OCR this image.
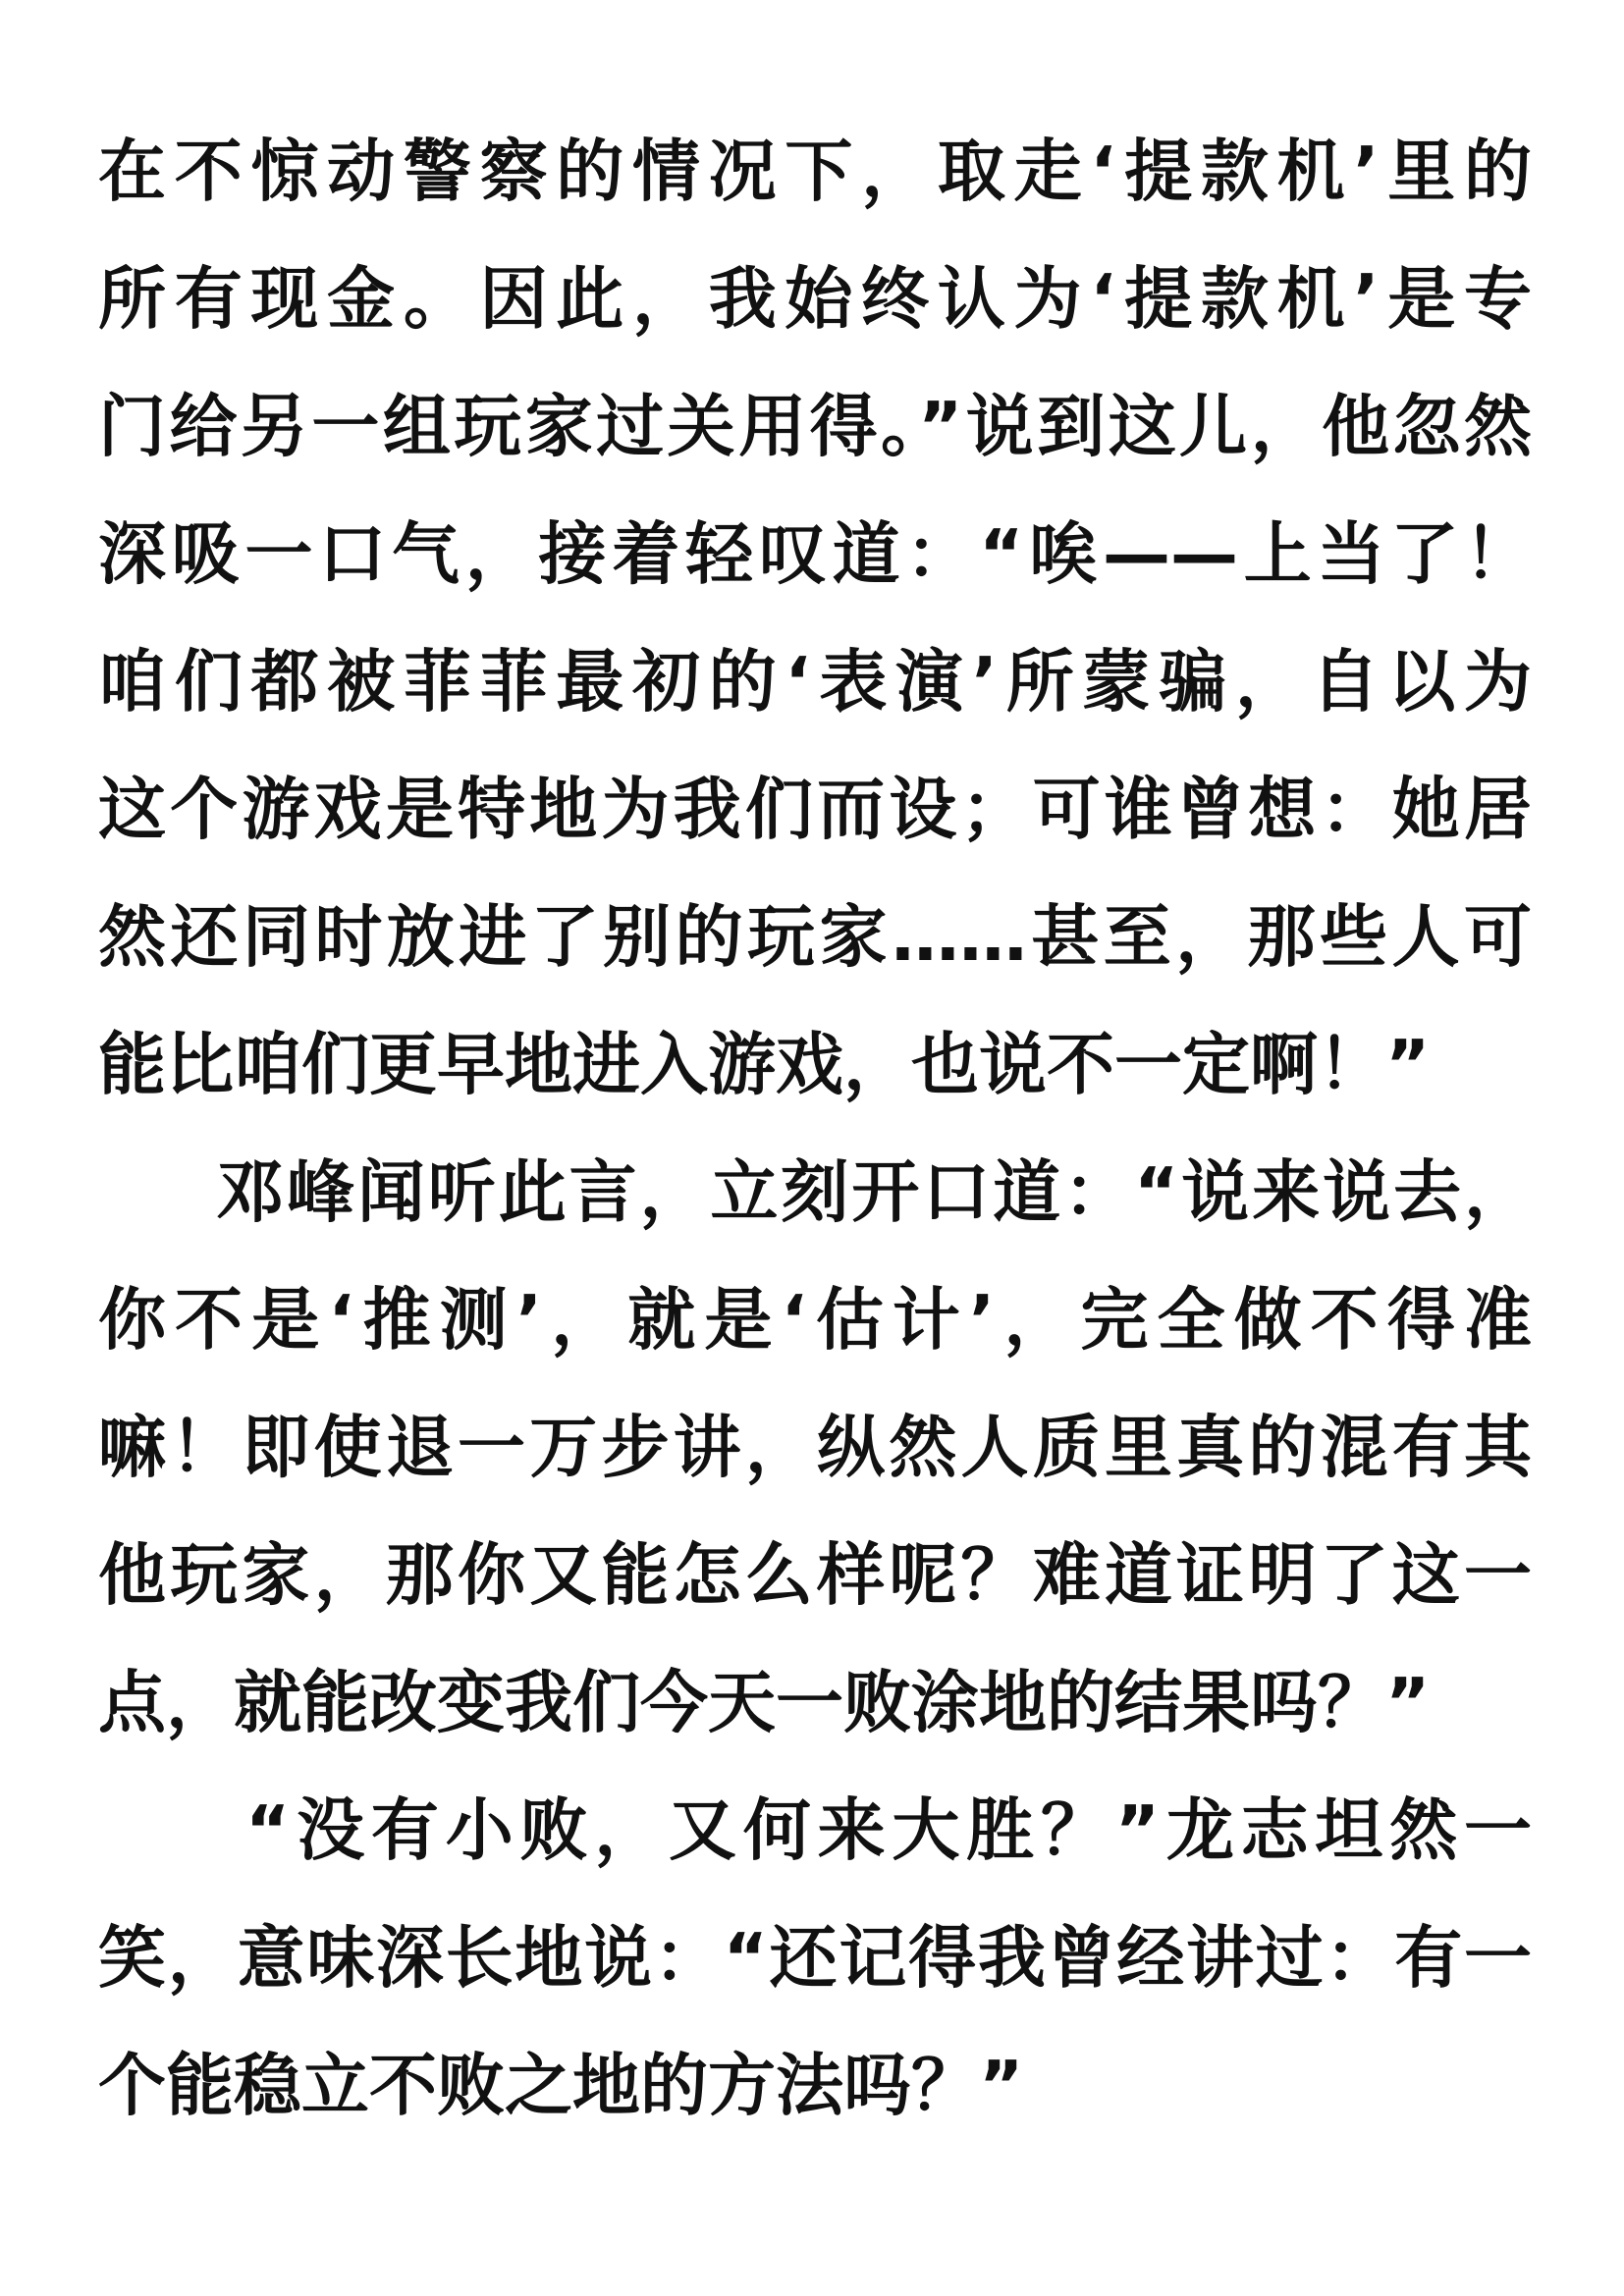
在不惊动警察的情况下，取走‘提款机’里的
所有现金。因此，我始终认为‘提款机’是专
门给另一组玩家过关用得。”说到这儿，他忽然
深吸一口气，接着轻叹道：“唉——上当了！
咱们都被菲菲最初的‘表演’所蒙骗，自以为
这个游戏是特地为我们而设；可谁曾想：她居
然还同时放进了别的玩家……甚至，那些人可
能比咱们更早地进入游戏，也说不一定啊！”
邓峰闻听此言，立刻开口道：“说来说去，
你不是‘推测’，就是‘估计’，完全做不得准
嘛！即使退一万步讲，纵然人质里真的混有其
他玩家，那你又能怎么样呢？难道证明了这一
点，就能改变我们今天一败涂地的结果吗？”
“没有小败，又何来大胜？”龙志坦然一
笑，意味深长地说：“还记得我曾经讲过：有一
个能稳立不败之地的方法吗？”
